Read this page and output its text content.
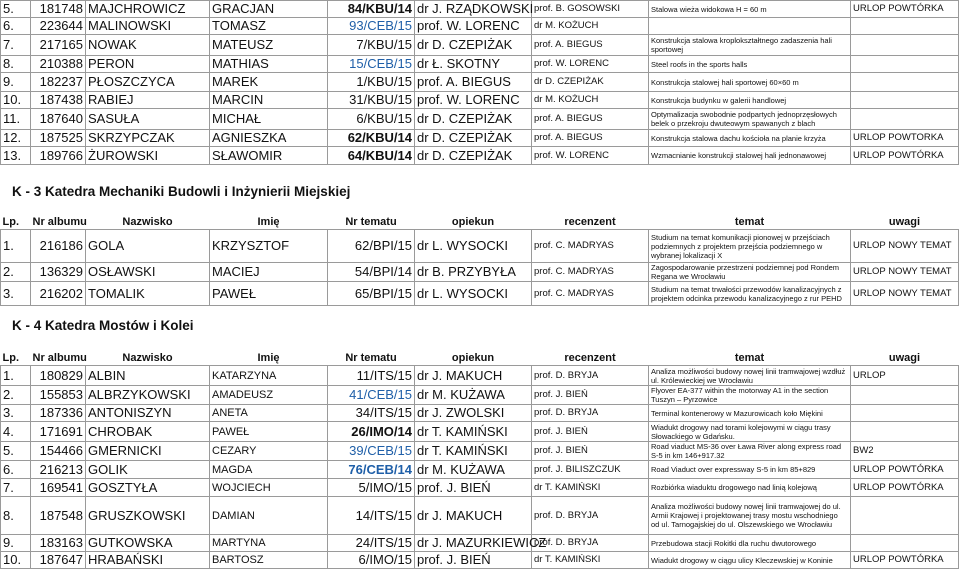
5.	181748	MAJCHROWICZ	GRACJAN	84/KBU/14	dr J. RZĄDKOWSKI	prof. B. GOSOWSKI	Stalowa wieża widokowa H = 60 m	URLOP POWTÓRKA
6.	223644	MALINOWSKI	TOMASZ	93/CEB/15	prof. W. LORENC	dr M. KOŻUCH		
7.	217165	NOWAK	MATEUSZ	7/KBU/15	dr D. CZEPIŻAK	prof. A. BIEGUS	Konstrukcja stalowa kroplokształtnego zadaszenia hali sportowej	
8.	210388	PERON	MATHIAS	15/CEB/15	dr Ł. SKOTNY	prof. W. LORENC	Steel roofs in the sports halls	
9.	182237	PŁOSZCZYCA	MAREK	1/KBU/15	prof. A. BIEGUS	dr D. CZEPIŻAK	Konstrukcja stalowej hali sportowej 60×60 m	
10.	187438	RABIEJ	MARCIN	31/KBU/15	prof. W. LORENC	dr M. KOŻUCH	Konstrukcja budynku w galerii handlowej	
11.	187640	SASUŁA	MICHAŁ	6/KBU/15	dr D. CZEPIŻAK	prof. A. BIEGUS	Optymalizacja swobodnie podpartych jednoprzęsłowych belek o przekroju dwuteowym spawanych z blach	
12.	187525	SKRZYPCZAK	AGNIESZKA	62/KBU/14	dr D. CZEPIŻAK	prof. A. BIEGUS	Konstrukcja stalowa dachu kościoła na planie krzyża	URLOP POWTORKA
13.	189766	ŻUROWSKI	SŁAWOMIR	64/KBU/14	dr D. CZEPIŻAK	prof. W. LORENC	Wzmacnianie konstrukcji stalowej hali jednonawowej	URLOP POWTÓRKA
K - 3 Katedra Mechaniki Budowli i Inżynierii Miejskiej
Lp.	Nr albumu	Nazwisko	Imię	Nr tematu	opiekun	recenzent	temat	uwagi
1.	216186	GOLA	KRZYSZTOF	62/BPI/15	dr L. WYSOCKI	prof. C. MADRYAS	Studium na temat komunikacji pionowej w przejściach podziemnych z projektem przejścia podziemnego w wybranej lokalizacji X	URLOP NOWY TEMAT
2.	136329	OSŁAWSKI	MACIEJ	54/BPI/14	dr B. PRZYBYŁA	prof. C. MADRYAS	Zagospodarowanie przestrzeni podziemnej pod Rondem Regana we Wrocławiu	URLOP NOWY TEMAT
3.	216202	TOMALIK	PAWEŁ	65/BPI/15	dr L. WYSOCKI	prof. C. MADRYAS	Studium na temat trwałości przewodów kanalizacyjnych z projektem odcinka przewodu kanalizacyjnego z rur PEHD	URLOP NOWY TEMAT
K - 4 Katedra Mostów i Kolei
Lp.	Nr albumu	Nazwisko	Imię	Nr tematu	opiekun	recenzent	temat	uwagi
1.	180829	ALBIN	KATARZYNA	11/ITS/15	dr J. MAKUCH	prof. D. BRYJA	Analiza możliwości budowy nowej linii tramwajowej wzdłuż ul. Królewieckiej we Wrocławiu	URLOP
2.	155853	ALBRZYKOWSKI	AMADEUSZ	41/CEB/15	dr M. KUŻAWA	prof. J. BIEŃ	Flyover EA-377 within the motorway A1 in the section Tuszyn – Pyrzowice	
3.	187336	ANTONISZYN	ANETA	34/ITS/15	dr J. ZWOLSKI	prof. D. BRYJA	Terminal kontenerowy w Mazurowicach koło Miękini	
4.	171691	CHROBAK	PAWEŁ	26/IMO/14	dr T. KAMIŃSKI	prof. J. BIEŃ	Wiadukt drogowy nad torami kolejowymi w ciągu trasy Słowackiego w Gdańsku.	
5.	154466	GMERNICKI	CEZARY	39/CEB/15	dr T. KAMIŃSKI	prof. J. BIEŃ	Road viaduct MS-36 over Ława River along express road S-5 in km 146+917.32	BW2
6.	216213	GOLIK	MAGDA	76/CEB/14	dr M. KUŻAWA	prof. J. BILISZCZUK	Road Viaduct over expressway S-5 in km 85+829	URLOP POWTÓRKA
7.	169541	GOSZTYŁA	WOJCIECH	5/IMO/15	prof. J. BIEŃ	dr T. KAMIŃSKI	Rozbiórka wiaduktu drogowego nad linią kolejową	URLOP POWTÓRKA
8.	187548	GRUSZKOWSKI	DAMIAN	14/ITS/15	dr J. MAKUCH	prof. D. BRYJA	Analiza możliwości budowy nowej linii tramwajowej do ul. Armii Krajowej i projektowanej trasy mostu wschodniego od ul. Tarnogajskiej do ul. Olszewskiego we Wrocławiu	
9.	183163	GUTKOWSKA	MARTYNA	24/ITS/15	dr J. MAZURKIEWICZ	prof. D. BRYJA	Przebudowa stacji Rokitki dla ruchu dwutorowego	
10.	187647	HRABAŃSKI	BARTOSZ	6/IMO/15	prof. J. BIEŃ	dr T. KAMIŃSKI	Wiadukt drogowy w ciągu ulicy Kleczewskiej w Koninie	URLOP POWTÓRKA
